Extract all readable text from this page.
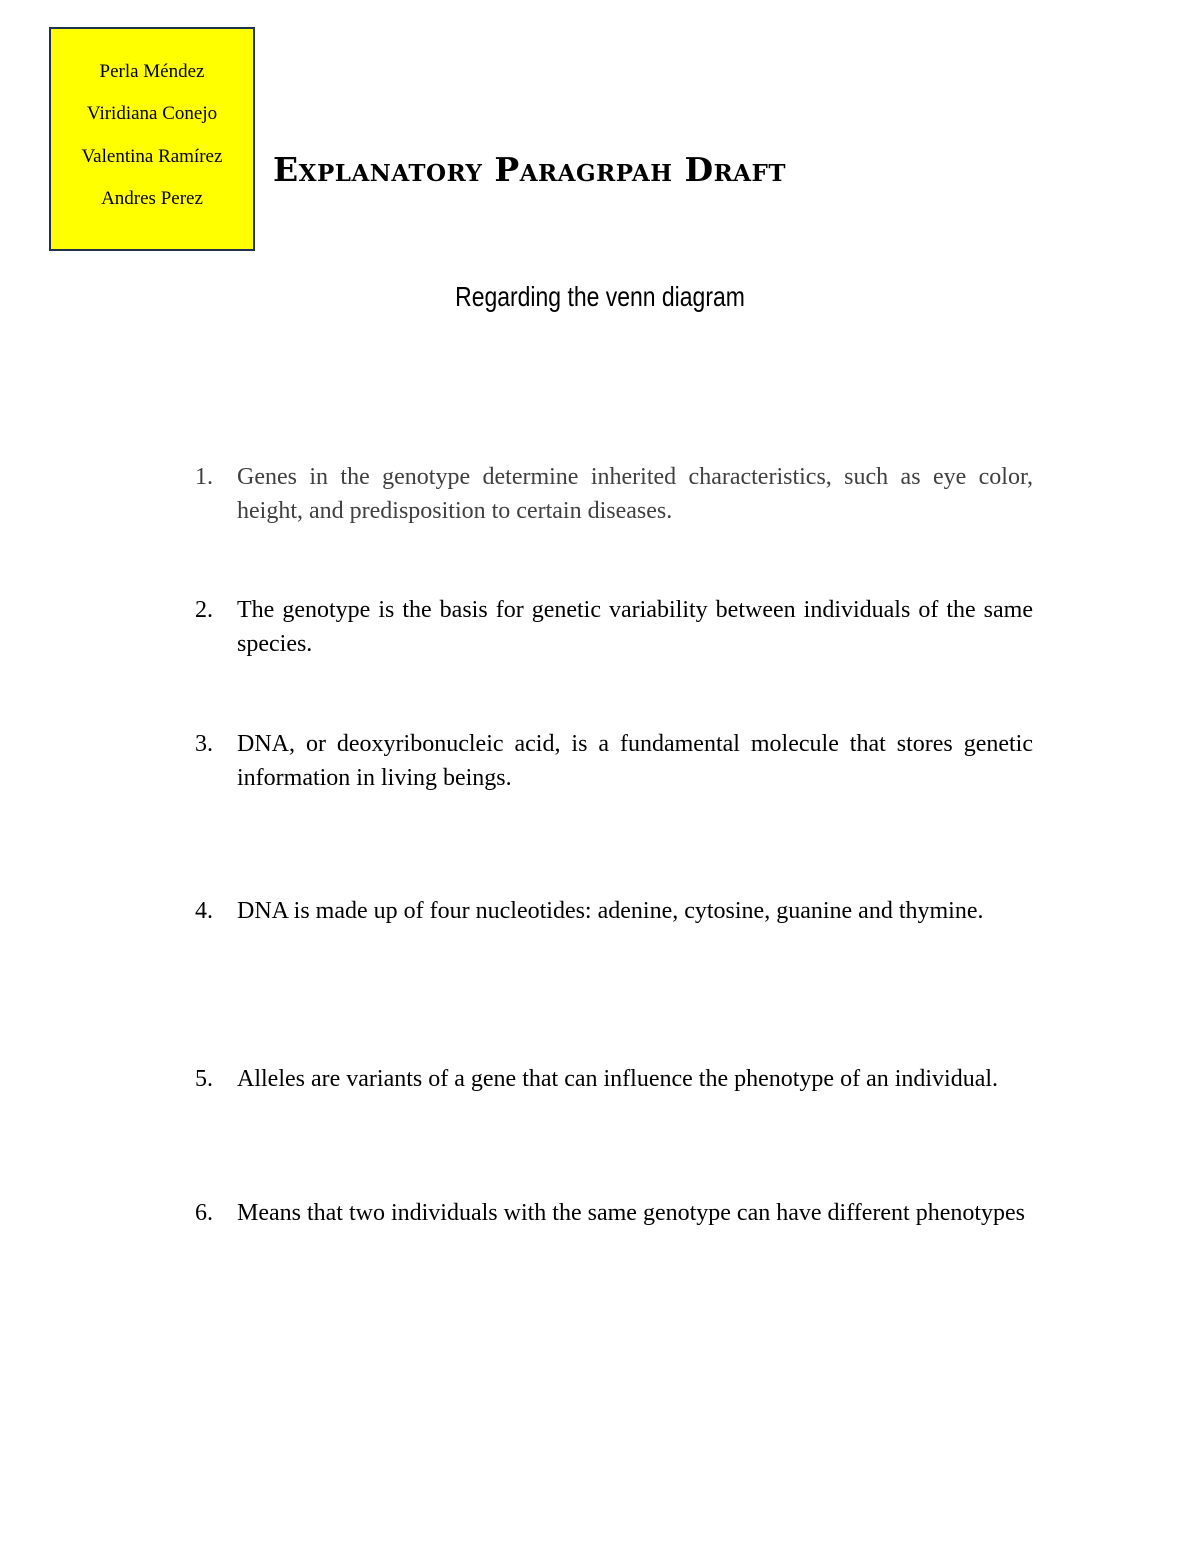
Perla Méndez
Viridiana Conejo
Valentina Ramírez
Andres Perez
Explanatory Paragrpah Draft
Regarding the venn diagram
1.	Genes in the genotype determine inherited characteristics, such as eye color, height, and predisposition to certain diseases.
2.	The genotype is the basis for genetic variability between individuals of the same species.
3.	DNA, or deoxyribonucleic acid, is a fundamental molecule that stores genetic information in living beings.
4.	DNA is made up of four nucleotides: adenine, cytosine, guanine and thymine.
5.	Alleles are variants of a gene that can influence the phenotype of an individual.
6.	Means that two individuals with the same genotype can have different phenotypes
